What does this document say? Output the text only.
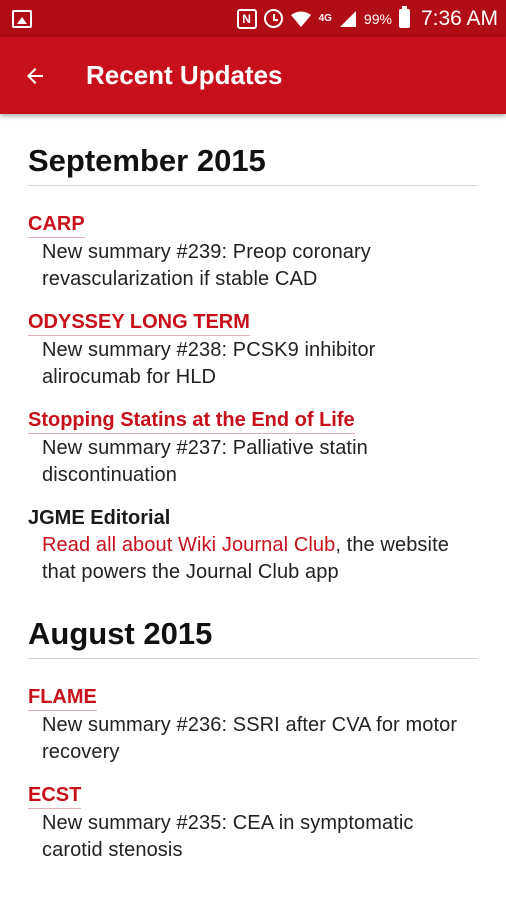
N	4G 99% 7:36 AM
Recent Updates
September 2015
CARP
New summary #239: Preop coronary revascularization if stable CAD
ODYSSEY LONG TERM
New summary #238: PCSK9 inhibitor alirocumab for HLD
Stopping Statins at the End of Life
New summary #237: Palliative statin discontinuation
JGME Editorial
Read all about Wiki Journal Club, the website that powers the Journal Club app
August 2015
FLAME
New summary #236: SSRI after CVA for motor recovery
ECST
New summary #235: CEA in symptomatic carotid stenosis
